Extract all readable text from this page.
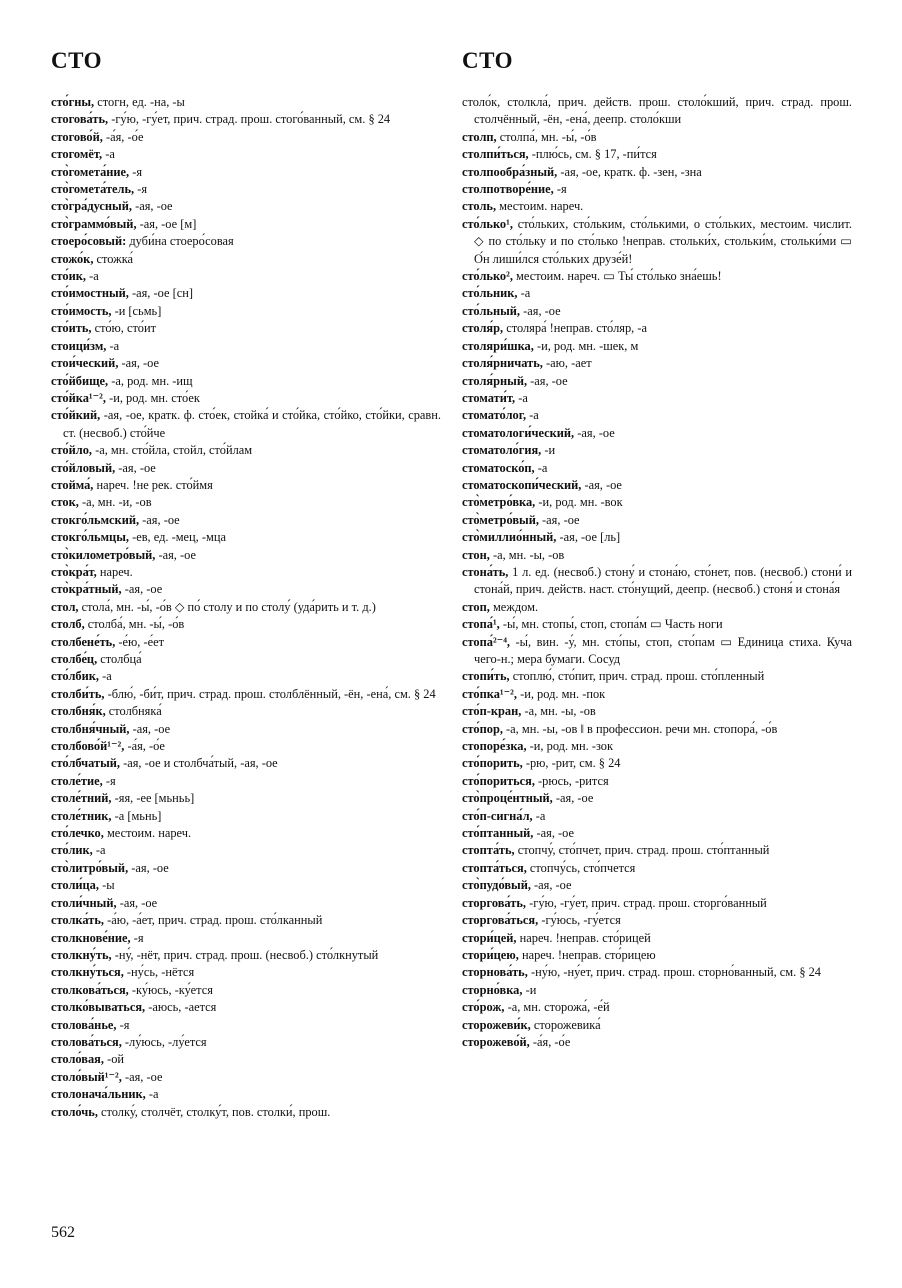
СТО	СТО
сто́гны, стогн, ед. -на, -ы
стогова́ть, -гу́ю, -гу́ет, прич. страд. прош. стого́ванный, см. § 24
стогово́й, -а́я, -о́е
стогомёт, -а
сто̀гомета́ние, -я
сто̀гомета́тель, -я
сто̀гра́дусный, -ая, -ое
сто̀граммо́вый, -ая, -ое [м]
стоеро́совый: дуби́на стоеро́совая
стожо́к, стожка́
сто́ик, -а
сто́имостный, -ая, -ое [сн]
сто́имость, -и [сьмь]
сто́ить, сто́ю, сто́ит
стоици́зм, -а
стои́ческий, -ая, -ое
сто́йбище, -а, род. мн. -ищ
сто́йка¹⁻², -и, род. мн. сто́ек
сто́йкий, -ая, -ое, кратк. ф. сто́ек, стойка́ и сто́йка, сто́йко, сто́йки, сравн. ст. (несвоб.) сто́йче
сто́йло, -а, мн. сто́йла, стойл, сто́йлам
сто́йловый, -ая, -ое
стойма́, нареч. !не рек. сто́ймя
сток, -а, мн. -и, -ов
стокго́льмский, -ая, -ое
стокго́льмцы, -ев, ед. -мец, -мца
сто̀километро́вый, -ая, -ое
сто̀кра́т, нареч.
сто̀кра́тный, -ая, -ое
стол, стола́, мн. -ы́, -о́в ◇ по́ столу и по столу́ (уда́рить и т. д.)
столб, столба́, мн. -ы́, -о́в
столбене́ть, -е́ю, -е́ет
столбе́ц, столбца́
сто́лбик, -а
столби́ть, -блю́, -би́т, прич. страд. прош. столблённый, -ён, -ена́, см. § 24
столбня́к, столбняка́
столбня́чный, -ая, -ое
столбово́й¹⁻², -а́я, -о́е
сто́лбчатый, -ая, -ое и столбча́тый, -ая, -ое
столе́тие, -я
столе́тний, -яя, -ее [мьньь]
столе́тник, -а [мьнь]
сто́лечко, местоим. нареч.
сто́лик, -а
сто̀литро́вый, -ая, -ое
столи́ца, -ы
столи́чный, -ая, -ое
столка́ть, -а́ю, -а́ет, прич. страд. прош. сто́лканный
столкнове́ние, -я
столкну́ть, -ну́, -нёт, прич. страд. прош. (несвоб.) сто́лкнутый
столкну́ться, -ну́сь, -нётся
столкова́ться, -ку́юсь, -ку́ется
столко́вываться, -аюсь, -ается
столова́нье, -я
столова́ться, -лу́юсь, -лу́ется
столо́вая, -ой
столо́вый¹⁻², -ая, -ое
столонача́льник, -а
столо́чь, столку́, столчёт, столку́т, пов. столки́, прош.
столо́к, столкла́, прич. действ. прош. столо́кший, прич. страд. прош. столчённый, -ён, -ена́, деепр. столо́кши
столп, столпа́, мн. -ы́, -о́в
столпи́ться, -плю́сь, см. § 17, -пи́тся
столпообра́зный, -ая, -ое, кратк. ф. -зен, -зна
столпотворе́ние, -я
столь, местоим. нареч.
сто́лько¹, сто́льких, сто́льким, сто́лькими, о сто́льких, местоим. числит. ◇ по сто́льку и по сто́лько !неправ. стольки́х, стольки́м, стольки́ми ▭ О́н лиши́лся сто́льких друзе́й!
сто́лько², местоим. нареч. ▭ Ты́ сто́лько зна́ешь!
сто́льник, -а
сто́льный, -ая, -ое
столя́р, столяра́ !неправ. сто́ляр, -а
столяри́шка, -и, род. мн. -шек, м
столя́рничать, -аю, -ает
столя́рный, -ая, -ое
стомати́т, -а
стомато́лог, -а
стоматологи́ческий, -ая, -ое
стоматоло́гия, -и
стоматоско́п, -а
стоматоскопи́ческий, -ая, -ое
сто̀метро́вка, -и, род. мн. -вок
сто̀метро́вый, -ая, -ое
сто̀миллио́нный, -ая, -ое [ль]
стон, -а, мн. -ы, -ов
стона́ть, 1 л. ед. (несвоб.) стону́ и стона́ю, сто́нет, пов. (несвоб.) стони́ и стона́й, прич. действ. наст. сто́нущий, деепр. (несвоб.) стоня́ и стона́я
стоп, междом.
стопа́¹, -ы́, мн. стопы́, стоп, стопа́м ▭ Часть ноги
стопа́²⁻⁴, -ы́, вин. -у́, мн. сто́пы, стоп, сто́пам ▭ Единица стиха. Куча чего-н.; мера бумаги. Сосуд
стопи́ть, стоплю́, сто́пит, прич. страд. прош. сто́пленный
сто́пка¹⁻², -и, род. мн. -пок
сто́п-кран, -а, мн. -ы, -ов
сто́пор, -а, мн. -ы, -ов ‖ в профессион. речи мн. стопора́, -о́в
стопоре́зка, -и, род. мн. -зок
сто́порить, -рю, -рит, см. § 24
сто́пориться, -рюсь, -рится
сто̀проце́нтный, -ая, -ое
сто́п-сигна́л, -а
сто́птанный, -ая, -ое
стопта́ть, стопчу́, сто́пчет, прич. страд. прош. сто́птанный
стопта́ться, стопчу́сь, сто́пчется
сто̀пудо́вый, -ая, -ое
сторгова́ть, -гу́ю, -гу́ет, прич. страд. прош. сторго́ванный
сторгова́ться, -гу́юсь, -гу́ется
стори́цей, нареч. !неправ. сто́рицей
стори́цею, нареч. !неправ. сто́рицею
сторнова́ть, -ну́ю, -ну́ет, прич. страд. прош. сторно́ванный, см. § 24
сторно́вка, -и
сто́рож, -а, мн. сторожа́, -е́й
сторожеви́к, сторожевика́
сторожево́й, -а́я, -о́е
562
